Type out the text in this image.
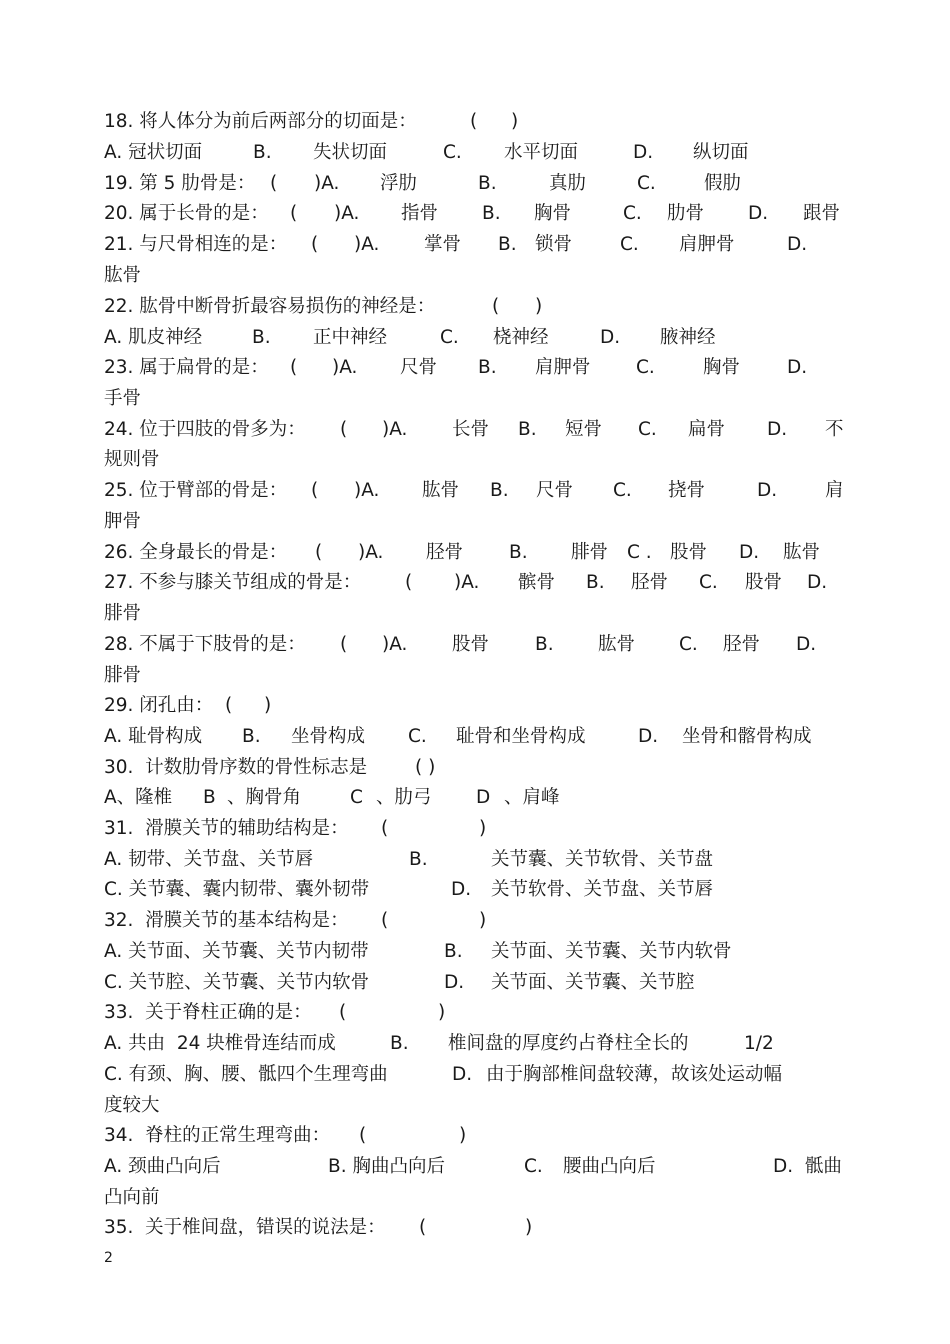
18. 将人体分为前后两部分的切面是：	( )
A. 冠状切面	B. 失状切面	C. 水平切面	D. 纵切面
19. 第 5 肋骨是： ( )A. 浮肋	B.	真肋	C.	假肋
20. 属于长骨的是： ( )A. 指骨 B. 胸骨	C. 肋骨 D. 跟骨
21. 与尺骨相连的是： ( )A. 掌骨 B. 锁骨	C. 肩胛骨	D.
肱骨
22. 肱骨中断骨折最容易损伤的神经是：	( )
A. 肌皮神经	B. 正中神经	C. 桡神经	D. 腋神经
23. 属于扁骨的是： ( )A. 尺骨 B. 肩胛骨 C.	胸骨	D.
手骨
24. 位于四肢的骨多为： ( )A. 长骨 B. 短骨 C. 扁骨 D. 不
规则骨
25. 位于臂部的骨是： ( )A. 肱骨 B. 尺骨 C. 挠骨	D.	肩
胛骨
26. 全身最长的骨是： ( )A. 胫骨 B. 腓骨 C . 股骨 D. 肱骨
27. 不参与膝关节组成的骨是： ( )A. 髌骨 B. 胫骨 C. 股骨 D.
腓骨
28. 不属于下肢骨的是： ( )A. 股骨 B. 肱骨 C. 胫骨 D.
腓骨
29. 闭孔由： ( )
A. 耻骨构成 B. 坐骨构成 C. 耻骨和坐骨构成	D. 坐骨和髂骨构成
30.  计数肋骨序数的骨性标志是	( )
A、隆椎 B 、胸骨角	C 、肋弓 D 、肩峰
31.  滑膜关节的辅助结构是： (	)
A. 韧带、关节盘、关节唇	B.	关节囊、关节软骨、关节盘
C. 关节囊、囊内韧带、囊外韧带	D. 关节软骨、关节盘、关节唇
32.  滑膜关节的基本结构是： (	)
A. 关节面、关节囊、关节内韧带	B. 关节面、关节囊、关节内软骨
C. 关节腔、关节囊、关节内软骨	D. 关节面、关节囊、关节腔
33.  关于脊柱正确的是： (	)
A. 共由  24 块椎骨连结而成	B. 椎间盘的厚度约占脊柱全长的	1/2
C. 有颈、胸、腰、骶四个生理弯曲	D. 由于胸部椎间盘较薄，故该处运动幅
度较大
34.  脊柱的正常生理弯曲： (	)
A. 颈曲凸向后	B. 胸曲凸向后	C. 腰曲凸向后	D.  骶曲
凸向前
35.  关于椎间盘，错误的说法是： (	)
2
